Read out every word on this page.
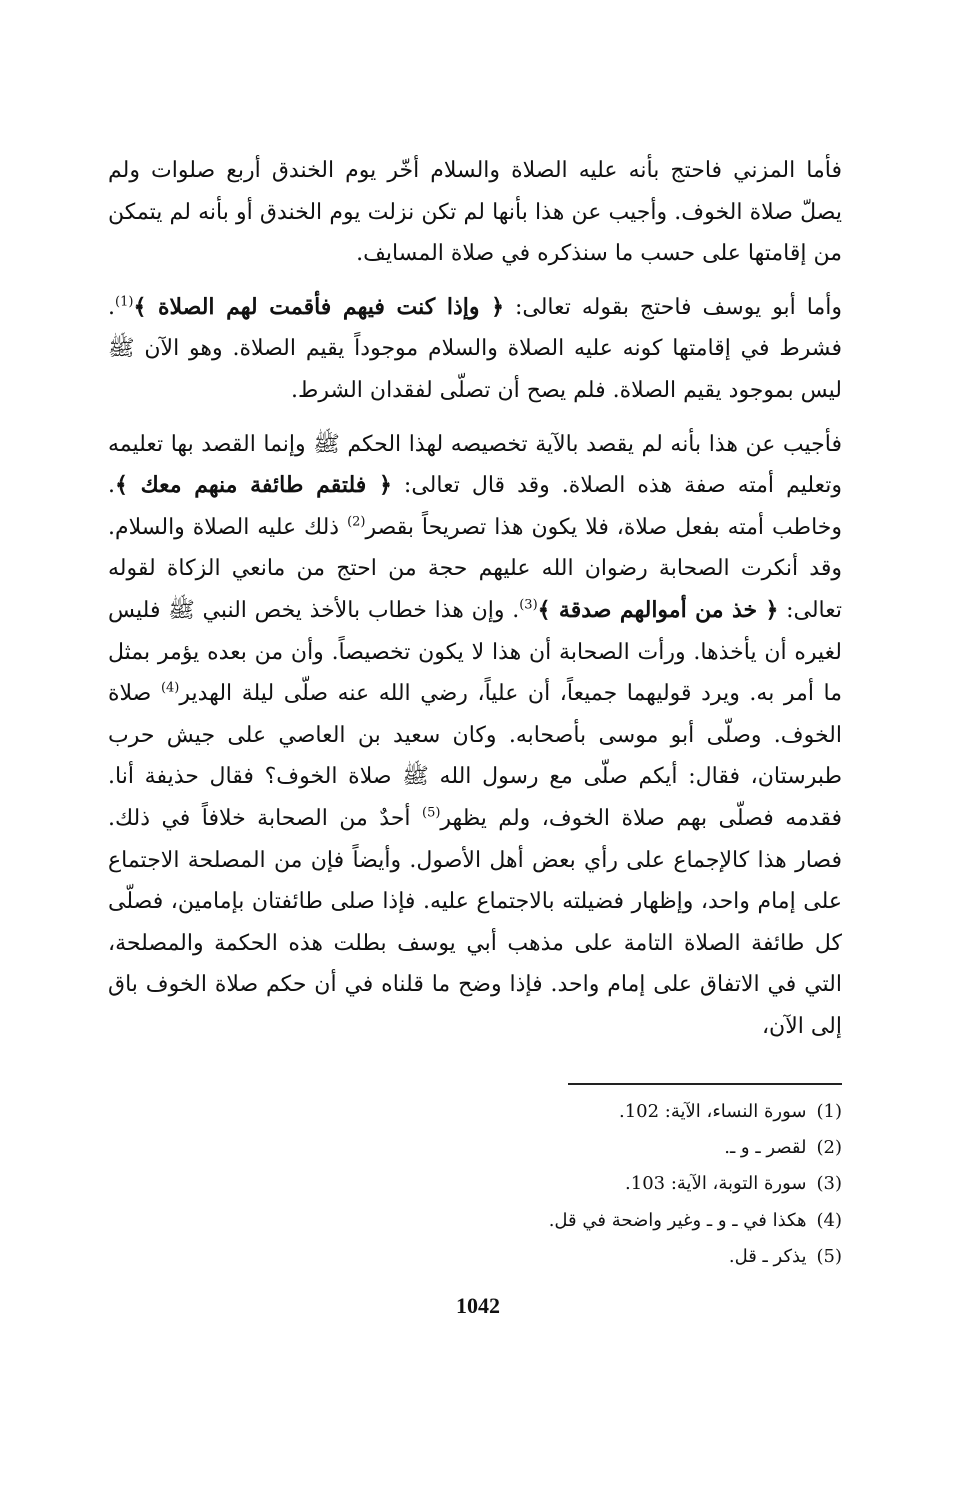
فأما المزني فاحتج بأنه عليه الصلاة والسلام أخّر يوم الخندق أربع صلوات ولم يصلّ صلاة الخوف. وأجيب عن هذا بأنها لم تكن نزلت يوم الخندق أو بأنه لم يتمكن من إقامتها على حسب ما سنذكره في صلاة المسايف.

وأما أبو يوسف فاحتج بقوله تعالى: ﴿ وإذا كنت فيهم فأقمت لهم الصلاة ﴾$^{(1)}$. فشرط في إقامتها كونه عليه الصلاة والسلام موجوداً يقيم الصلاة. وهو الآن ﷺ ليس بموجود يقيم الصلاة. فلم يصح أن تصلّى لفقدان الشرط.

فأجيب عن هذا بأنه لم يقصد بالآية تخصيصه لهذا الحكم ﷺ وإنما القصد بها تعليمه وتعليم أمته صفة هذه الصلاة. وقد قال تعالى: ﴿ فلتقم طائفة منهم معك ﴾. وخاطب أمته بفعل صلاة، فلا يكون هذا تصريحاً بقصر$^{(2)}$ ذلك عليه الصلاة والسلام. وقد أنكرت الصحابة رضوان الله عليهم حجة من احتج من مانعي الزكاة لقوله تعالى: ﴿ خذ من أموالهم صدقة ﴾$^{(3)}$. وإن هذا خطاب بالأخذ يخص النبي ﷺ فليس لغيره أن يأخذها. ورأت الصحابة أن هذا لا يكون تخصيصاً. وأن من بعده يؤمر بمثل ما أمر به. ويرد قوليهما جميعاً، أن علياً، رضي الله عنه صلّى ليلة الهدير$^{(4)}$ صلاة الخوف. وصلّى أبو موسى بأصحابه. وكان سعيد بن العاصي على جيش حرب طبرستان، فقال: أيكم صلّى مع رسول الله ﷺ صلاة الخوف؟ فقال حذيفة أنا. فقدمه فصلّى بهم صلاة الخوف، ولم يظهر$^{(5)}$ أحدٌ من الصحابة خلافاً في ذلك. فصار هذا كالإجماع على رأي بعض أهل الأصول. وأيضاً فإن من المصلحة الاجتماع على إمام واحد، وإظهار فضيلته بالاجتماع عليه. فإذا صلى طائفتان بإمامين، فصلّى كل طائفة الصلاة التامة على مذهب أبي يوسف بطلت هذه الحكمة والمصلحة، التي في الاتفاق على إمام واحد. فإذا وضح ما قلناه في أن حكم صلاة الخوف باق إلى الآن،

(1)سورة النساء، الآية: 102.

(2)لقصر ـ و ـ.

(3)سورة التوبة، الآية: 103.

(4)هكذا في ـ و ـ وغير واضحة في قل.

(5)يذكر ـ قل.

1042
